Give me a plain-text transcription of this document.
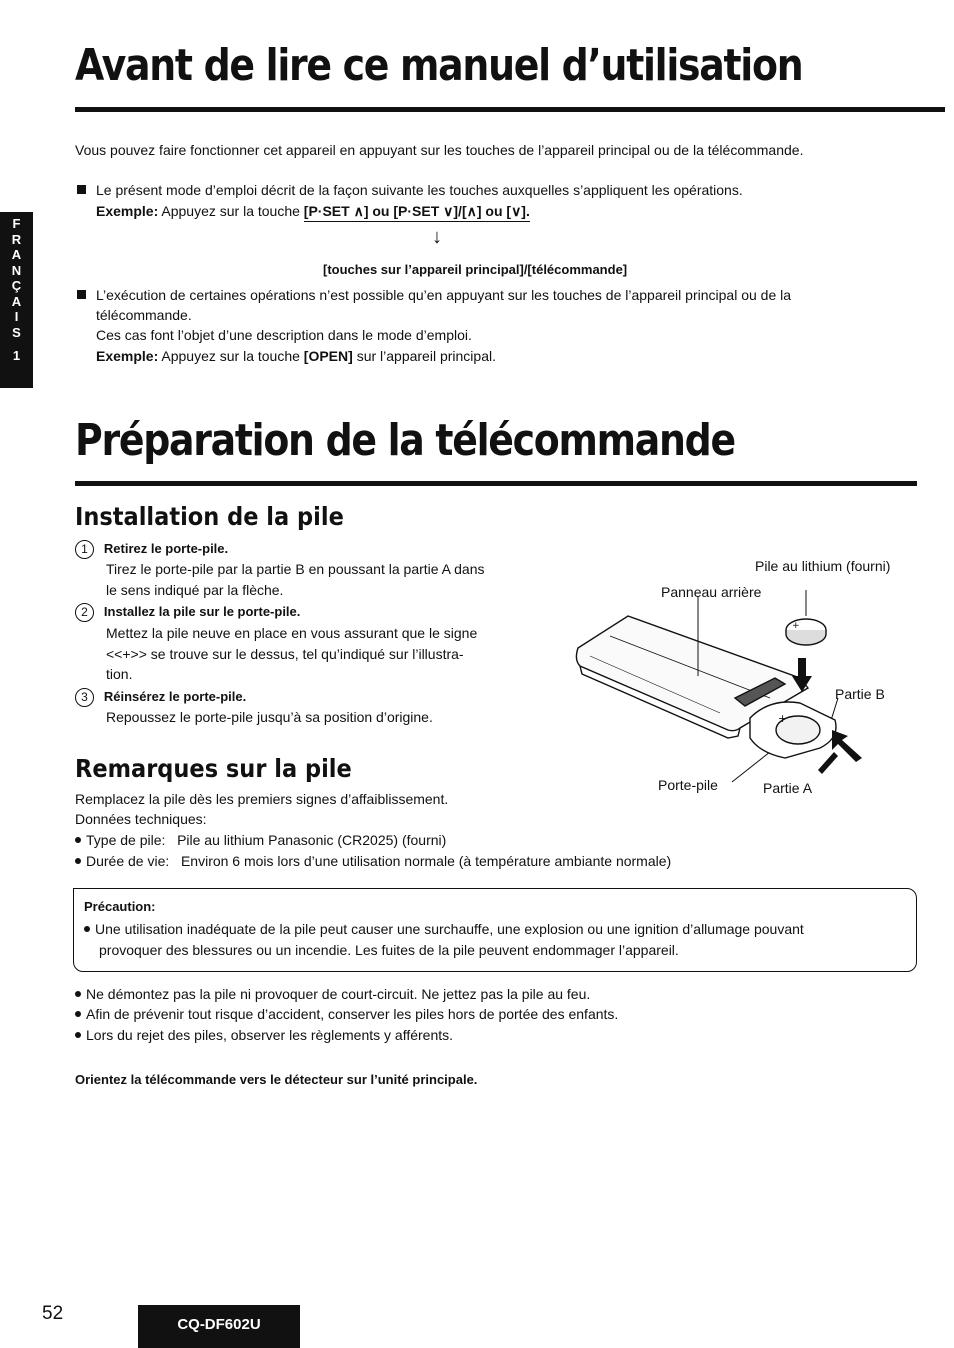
Avant de lire ce manuel d’utilisation
Vous pouvez faire fonctionner cet appareil en appuyant sur les touches de l’appareil principal ou de la télécommande.
Le présent mode d’emploi décrit de la façon suivante les touches auxquelles s’appliquent les opérations.
Exemple: Appuyez sur la touche [P·SET ∧] ou [P·SET ∨]/[∧] ou [∨].
↓
[touches sur l’appareil principal]/[télécommande]
L’exécution de certaines opérations n’est possible qu’en appuyant sur les touches de l’appareil principal ou de la
télécommande.
Ces cas font l’objet d’une description dans le mode d’emploi.
Exemple: Appuyez sur la touche [OPEN] sur l’appareil principal.
F
R
A
N
Ç
A
I
S
1
Préparation de la télécommande
Installation de la pile
1 Retirez le porte-pile.
Tirez le porte-pile par la partie B en poussant la partie A dans
le sens indiqué par la flèche.
2 Installez la pile sur le porte-pile.
Mettez la pile neuve en place en vous assurant que le signe
<<+>> se trouve sur le dessus, tel qu’indiqué sur l’illustra-
tion.
3 Réinsérez le porte-pile.
Repoussez le porte-pile jusqu’à sa position d’origine.
+
+
Pile au lithium (fourni)
Panneau arrière
Partie B
Porte-pile	Partie A
Remarques sur la pile
Remplacez la pile dès les premiers signes d’affaiblissement.
Données techniques:
Type de pile: Pile au lithium Panasonic (CR2025) (fourni)
Durée de vie: Environ 6 mois lors d’une utilisation normale (à température ambiante normale)
Précaution:
Une utilisation inadéquate de la pile peut causer une surchauffe, une explosion ou une ignition d’allumage pouvant
provoquer des blessures ou un incendie. Les fuites de la pile peuvent endommager l’appareil.
Ne démontez pas la pile ni provoquer de court-circuit. Ne jettez pas la pile au feu.
Afin de prévenir tout risque d’accident, conserver les piles hors de portée des enfants.
Lors du rejet des piles, observer les règlements y afférents.
Orientez la télécommande vers le détecteur sur l’unité principale.
52
CQ-DF602U
